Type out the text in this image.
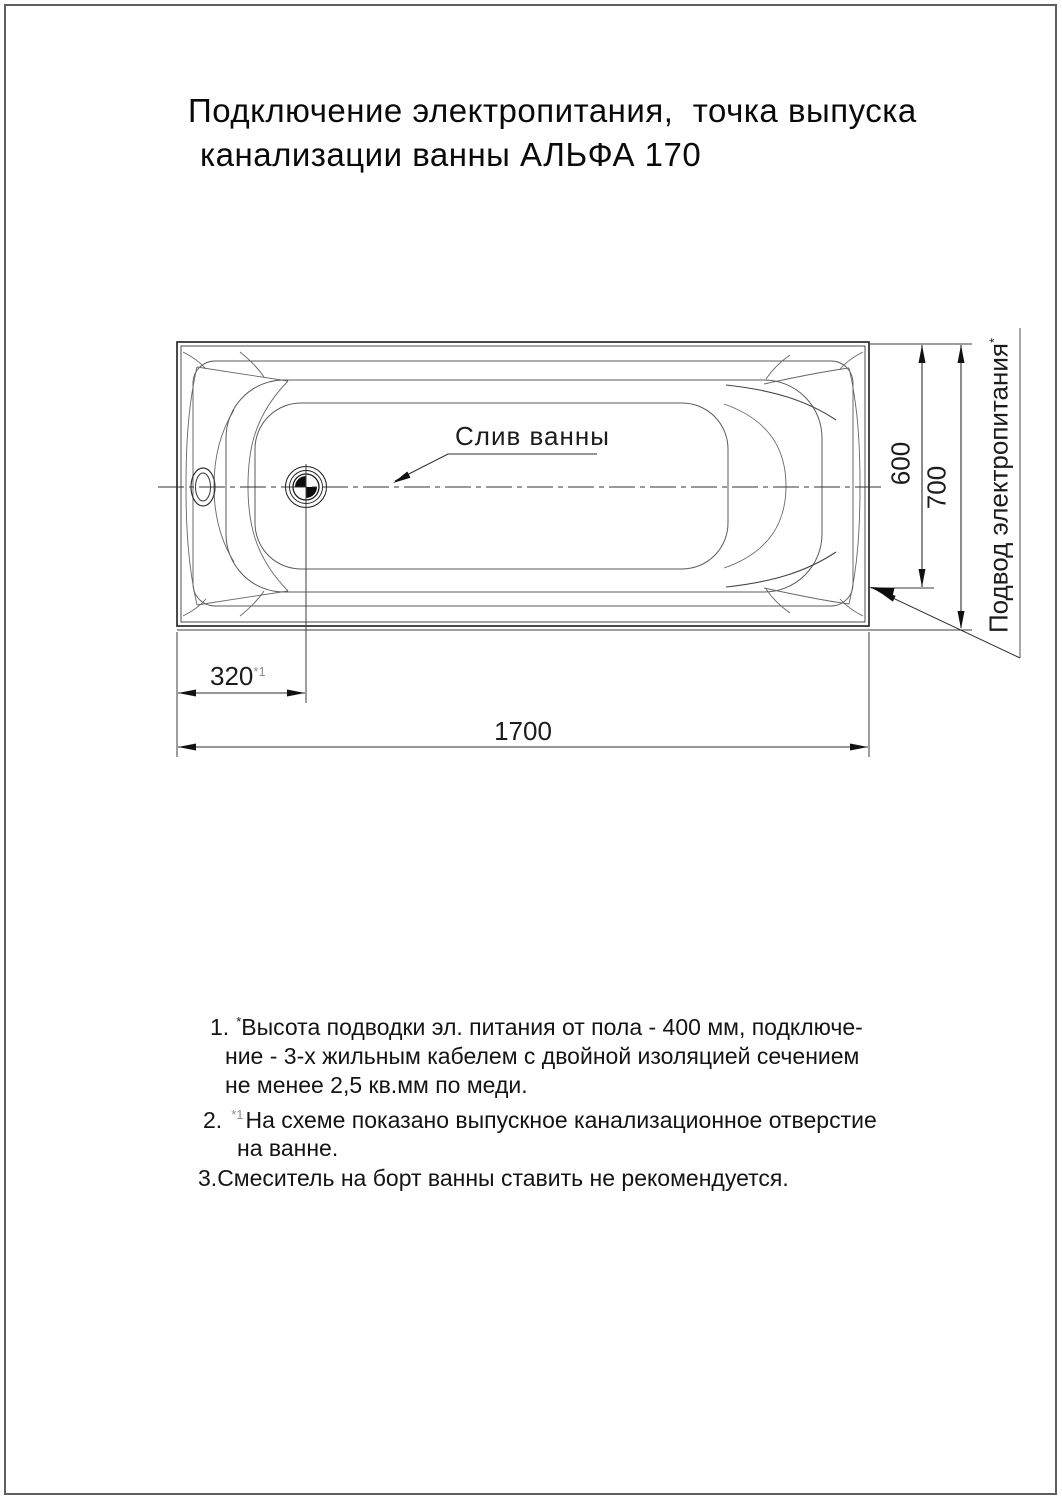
Подключение электропитания,  точка выпуска
канализации ванны АЛЬФА 170
Слив ванны
600
700
320$^{*1}$
1700
Подвод электропитания*
1. *Высота подводки эл. питания от пола - 400 мм, подключе-
ние - 3-х жильным кабелем с двойной изоляцией сечением
не менее 2,5 кв.мм по меди.
2. $^{*1}$На схеме показано выпускное канализационное отверстие
на ванне.
3.Смеситель на борт ванны ставить не рекомендуется.
